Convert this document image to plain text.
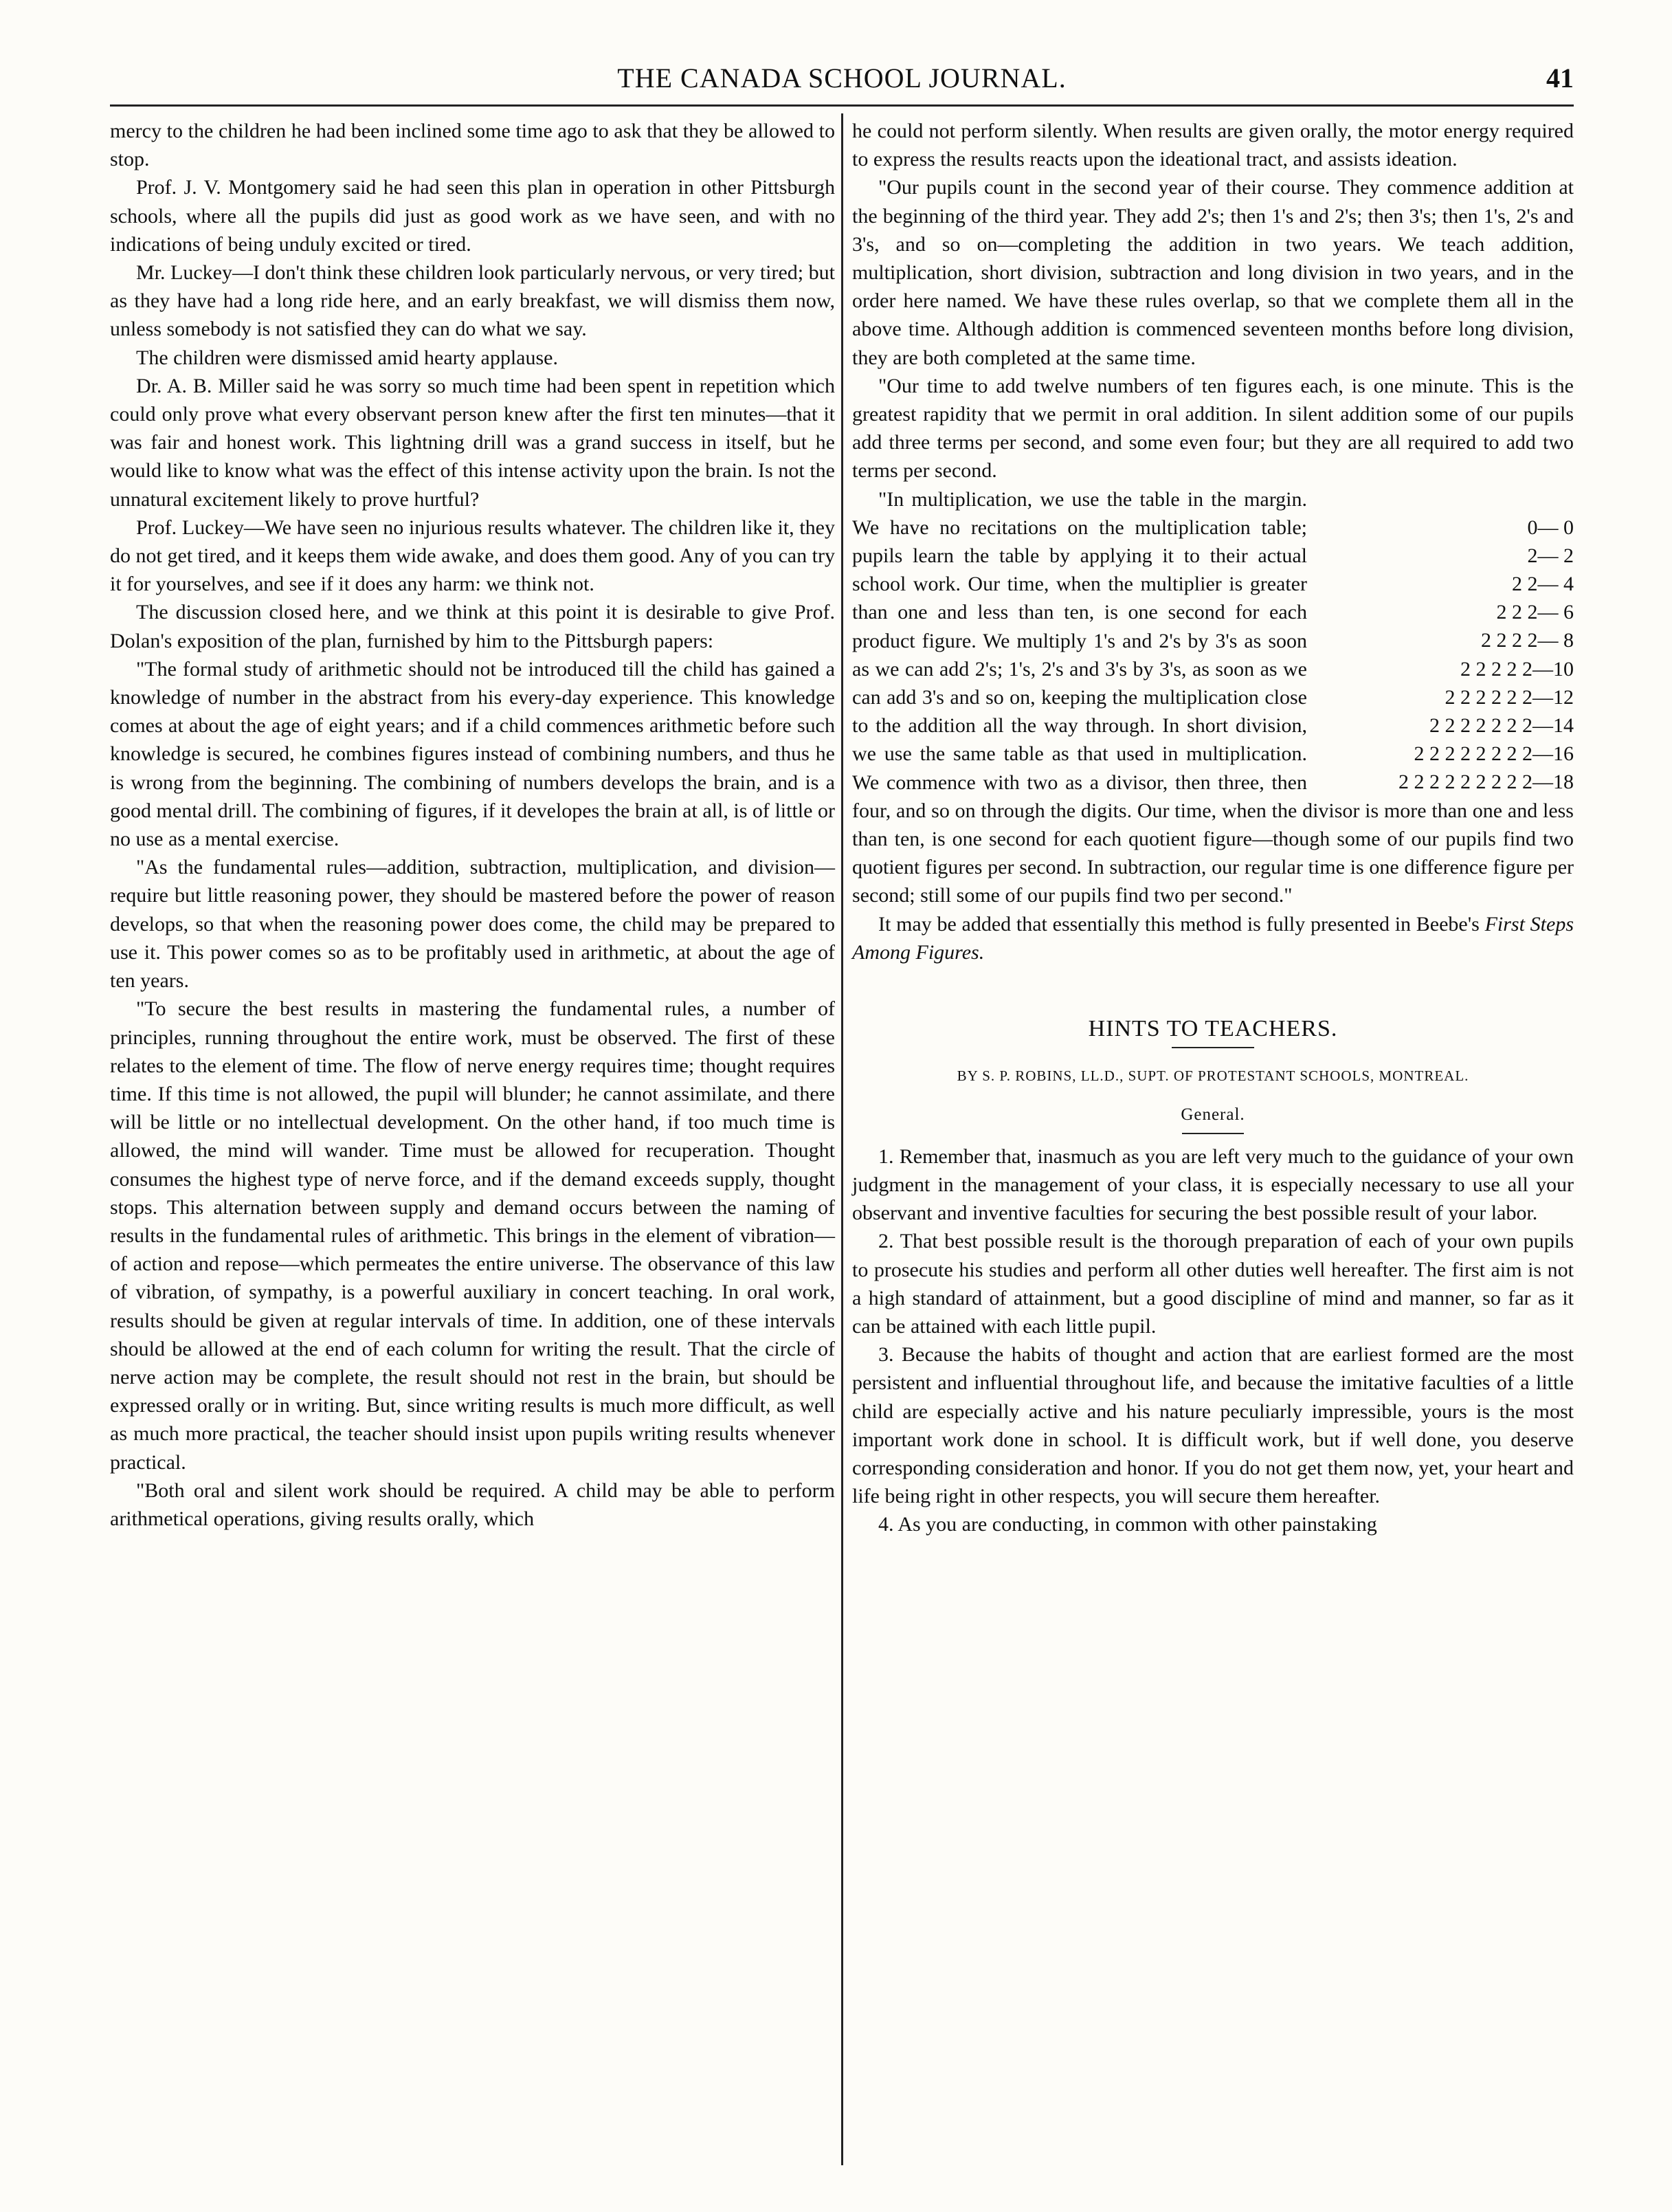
THE CANADA SCHOOL JOURNAL.	41

mercy to the children he had been inclined some time ago to ask that they be allowed to stop.

Prof. J. V. Montgomery said he had seen this plan in operation in other Pittsburgh schools, where all the pupils did just as good work as we have seen, and with no indications of being unduly excited or tired.

Mr. Luckey—I don't think these children look particularly nervous, or very tired; but as they have had a long ride here, and an early breakfast, we will dismiss them now, unless somebody is not satisfied they can do what we say.

The children were dismissed amid hearty applause.

Dr. A. B. Miller said he was sorry so much time had been spent in repetition which could only prove what every observant person knew after the first ten minutes—that it was fair and honest work. This lightning drill was a grand success in itself, but he would like to know what was the effect of this intense activity upon the brain. Is not the unnatural excitement likely to prove hurtful?

Prof. Luckey—We have seen no injurious results whatever. The children like it, they do not get tired, and it keeps them wide awake, and does them good. Any of you can try it for yourselves, and see if it does any harm: we think not.

The discussion closed here, and we think at this point it is desirable to give Prof. Dolan's exposition of the plan, furnished by him to the Pittsburgh papers:

"The formal study of arithmetic should not be introduced till the child has gained a knowledge of number in the abstract from his every-day experience. This knowledge comes at about the age of eight years; and if a child commences arithmetic before such knowledge is secured, he combines figures instead of combining numbers, and thus he is wrong from the beginning. The combining of numbers develops the brain, and is a good mental drill. The combining of figures, if it developes the brain at all, is of little or no use as a mental exercise.

"As the fundamental rules—addition, subtraction, multiplication, and division—require but little reasoning power, they should be mastered before the power of reason develops, so that when the reasoning power does come, the child may be prepared to use it. This power comes so as to be profitably used in arithmetic, at about the age of ten years.

"To secure the best results in mastering the fundamental rules, a number of principles, running throughout the entire work, must be observed. The first of these relates to the element of time. The flow of nerve energy requires time; thought requires time. If this time is not allowed, the pupil will blunder; he cannot assimilate, and there will be little or no intellectual development. On the other hand, if too much time is allowed, the mind will wander. Time must be allowed for recuperation. Thought consumes the highest type of nerve force, and if the demand exceeds supply, thought stops. This alternation between supply and demand occurs between the naming of results in the fundamental rules of arithmetic. This brings in the element of vibration—of action and repose—which permeates the entire universe. The observance of this law of vibration, of sympathy, is a powerful auxiliary in concert teaching. In oral work, results should be given at regular intervals of time. In addition, one of these intervals should be allowed at the end of each column for writing the result. That the circle of nerve action may be complete, the result should not rest in the brain, but should be expressed orally or in writing. But, since writing results is much more difficult, as well as much more practical, the teacher should insist upon pupils writing results whenever practical.

"Both oral and silent work should be required. A child may be able to perform arithmetical operations, giving results orally, which

he could not perform silently. When results are given orally, the motor energy required to express the results reacts upon the ideational tract, and assists ideation.

"Our pupils count in the second year of their course. They commence addition at the beginning of the third year. They add 2's; then 1's and 2's; then 3's; then 1's, 2's and 3's, and so on—completing the addition in two years. We teach addition, multiplication, short division, subtraction and long division in two years, and in the order here named. We have these rules overlap, so that we complete them all in the above time. Although addition is commenced seventeen months before long division, they are both completed at the same time.

"Our time to add twelve numbers of ten figures each, is one minute. This is the greatest rapidity that we permit in oral addition. In silent addition some of our pupils add three terms per second, and some even four; but they are all required to add two terms per second.

0— 0
2— 2
2 2— 4
2 2 2— 6
2 2 2 2— 8
2 2 2 2 2—10
2 2 2 2 2 2—12
2 2 2 2 2 2 2—14
2 2 2 2 2 2 2 2—16
2 2 2 2 2 2 2 2 2—18

"In multiplication, we use the table in the margin. We have no recitations on the multiplication table; pupils learn the table by applying it to their actual school work. Our time, when the multiplier is greater than one and less than ten, is one second for each product figure. We multiply 1's and 2's by 3's as soon as we can add 2's; 1's, 2's and 3's by 3's, as soon as we can add 3's and so on, keeping the multiplication close to the addition all the way through. In short division, we use the same table as that used in multiplication. We commence with two as a divisor, then three, then four, and so on through the digits. Our time, when the divisor is more than one and less than ten, is one second for each quotient figure—though some of our pupils find two quotient figures per second. In subtraction, our regular time is one difference figure per second; still some of our pupils find two per second."

It may be added that essentially this method is fully presented in Beebe's First Steps Among Figures.

HINTS TO TEACHERS.
BY S. P. ROBINS, LL.D., SUPT. OF PROTESTANT SCHOOLS, MONTREAL.
General.

1. Remember that, inasmuch as you are left very much to the guidance of your own judgment in the management of your class, it is especially necessary to use all your observant and inventive faculties for securing the best possible result of your labor.

2. That best possible result is the thorough preparation of each of your own pupils to prosecute his studies and perform all other duties well hereafter. The first aim is not a high standard of attainment, but a good discipline of mind and manner, so far as it can be attained with each little pupil.

3. Because the habits of thought and action that are earliest formed are the most persistent and influential throughout life, and because the imitative faculties of a little child are especially active and his nature peculiarly impressible, yours is the most important work done in school. It is difficult work, but if well done, you deserve corresponding consideration and honor. If you do not get them now, yet, your heart and life being right in other respects, you will secure them hereafter.

4. As you are conducting, in common with other painstaking
